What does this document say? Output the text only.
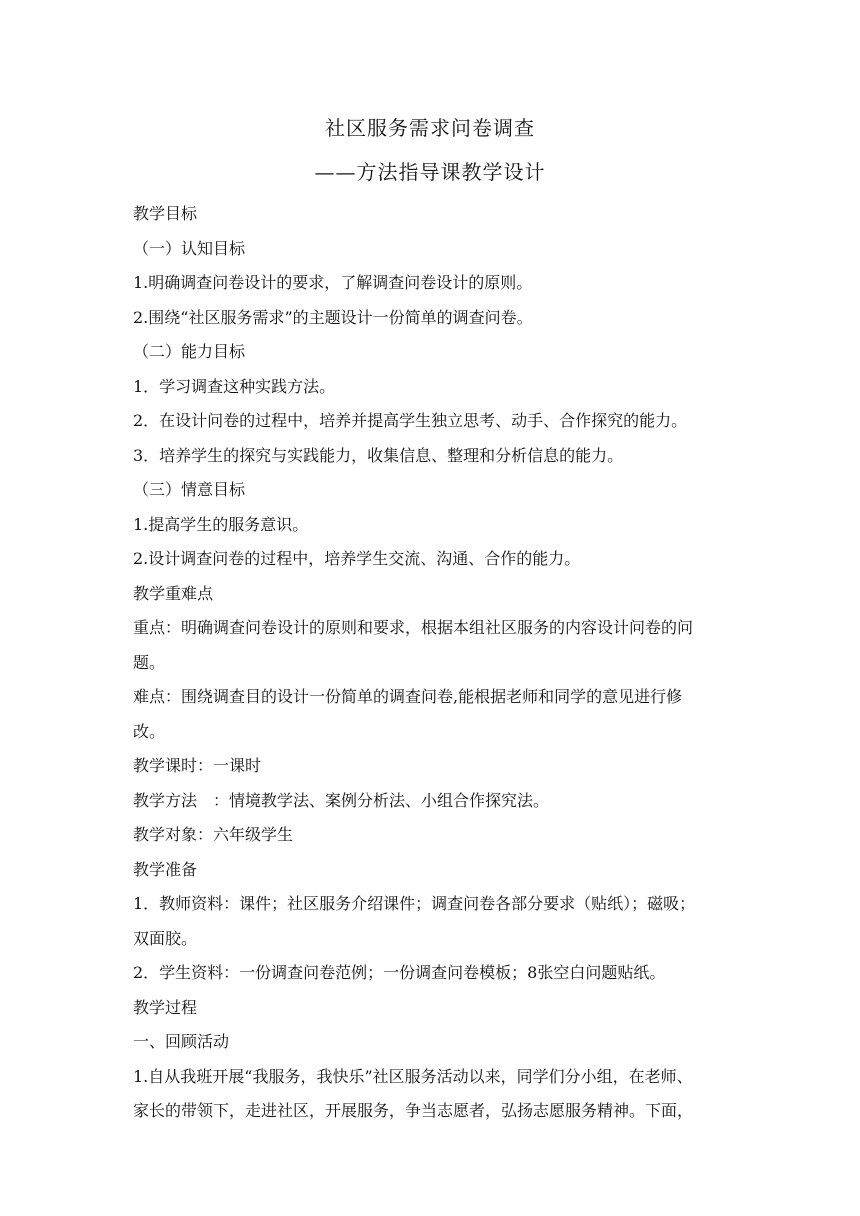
社区服务需求问卷调查
——方法指导课教学设计
教学目标
（一）认知目标
1.明确调查问卷设计的要求，了解调查问卷设计的原则。
2.围绕“社区服务需求”的主题设计一份简单的调查问卷。
（二）能力目标
1．学习调查这种实践方法。
2．在设计问卷的过程中，培养并提高学生独立思考、动手、合作探究的能力。
3．培养学生的探究与实践能力，收集信息、整理和分析信息的能力。
（三）情意目标
1.提高学生的服务意识。
2.设计调查问卷的过程中，培养学生交流、沟通、合作的能力。
教学重难点
重点：明确调查问卷设计的原则和要求，根据本组社区服务的内容设计问卷的问
题。
难点：围绕调查目的设计一份简单的调查问卷,能根据老师和同学的意见进行修
改。
教学课时：一课时
教学方法　：情境教学法、案例分析法、小组合作探究法。
教学对象：六年级学生
教学准备
1．教师资料：课件；社区服务介绍课件；调查问卷各部分要求（贴纸）；磁吸；
双面胶。
2．学生资料：一份调查问卷范例；一份调查问卷模板；8张空白问题贴纸。
教学过程
一、回顾活动
1.自从我班开展“我服务，我快乐”社区服务活动以来，同学们分小组，在老师、
家长的带领下，走进社区，开展服务，争当志愿者，弘扬志愿服务精神。下面，
